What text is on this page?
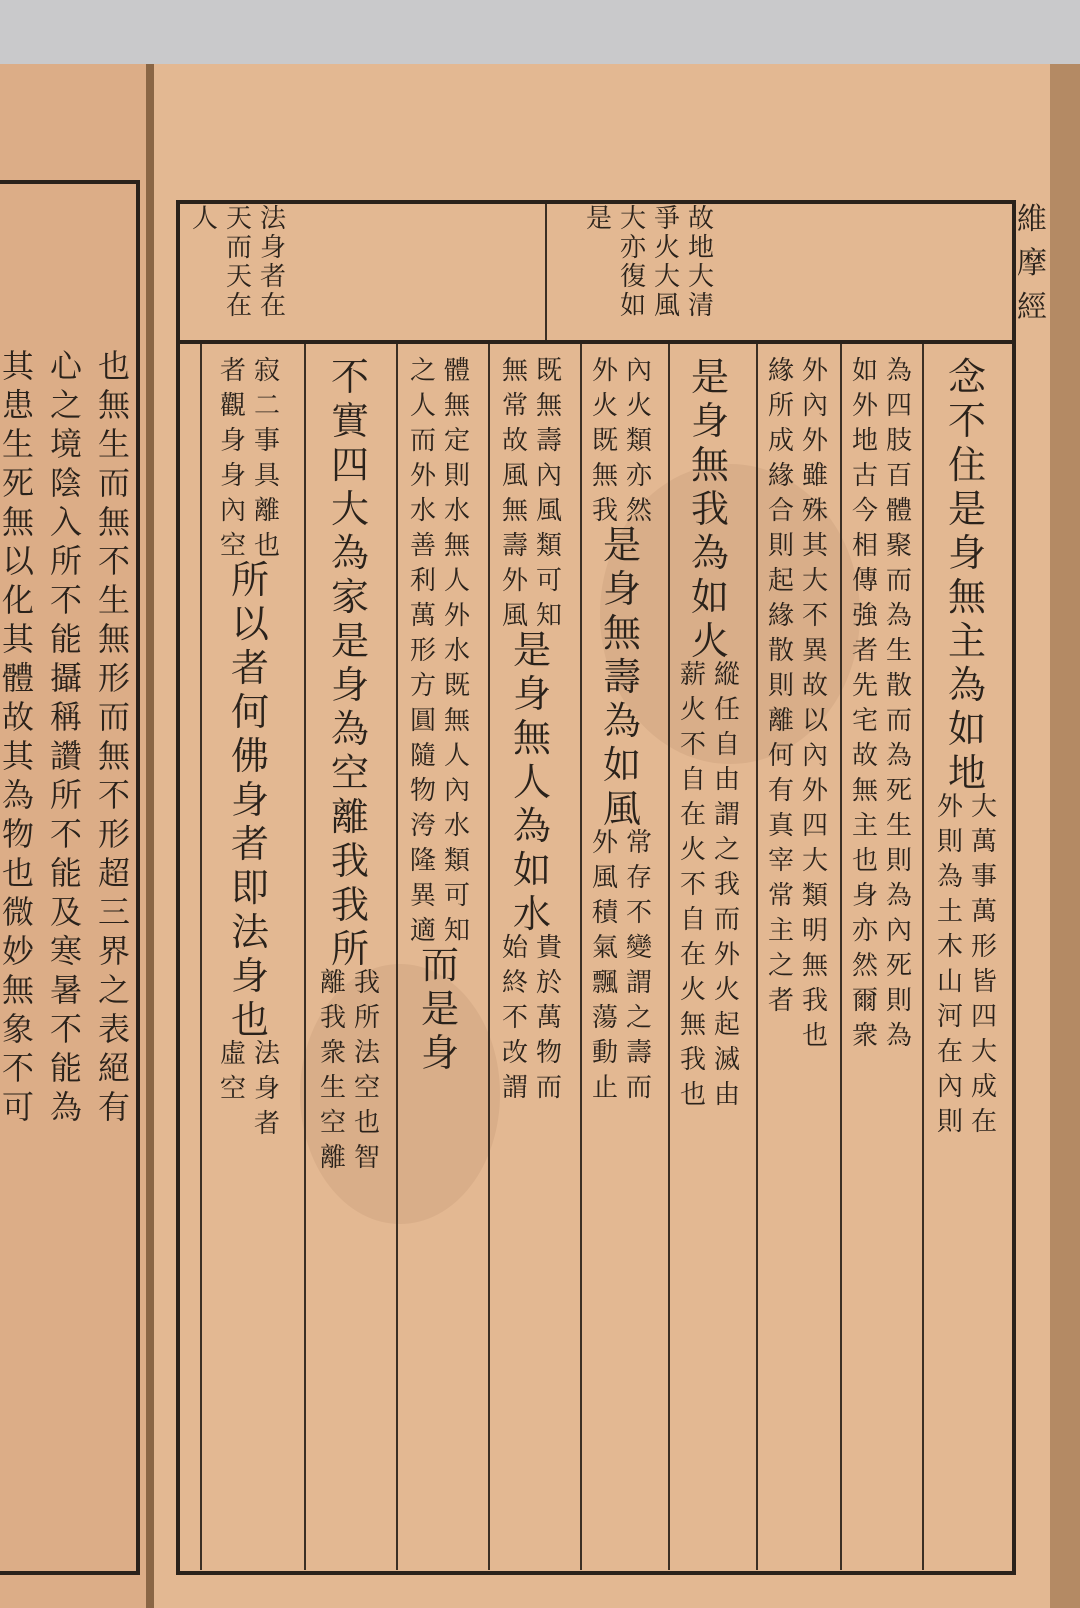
維
摩
經
念
不
住
是
身
無
主
為
如
地
大
萬
事
萬
形
皆
四
大
成
在
外
則
為
土
木
山
河
在
內
則
為
四
肢
百
體
聚
而
為
生
散
而
為
死
生
則
為
內
死
則
為
如
外
地
古
今
相
傳
強
者
先
宅
故
無
主
也
身
亦
然
爾
衆
外
內
外
雖
殊
其
大
不
異
故
以
內
外
四
大
類
明
無
我
也
緣
所
成
緣
合
則
起
緣
散
則
離
何
有
真
宰
常
主
之
者
是
身
無
我
為
如
火
縱
任
自
由
謂
之
我
而
外
火
起
滅
由
薪
火
不
自
在
火
不
自
在
火
無
我
也
內
火
類
亦
然
外
火
既
無
我
是
身
無
壽
為
如
風
常
存
不
變
謂
之
壽
而
外
風
積
氣
飄
蕩
動
止
既
無
壽
內
風
類
可
知
無
常
故
風
無
壽
外
風
是
身
無
人
為
如
水
貴
於
萬
物
而
始
終
不
改
謂
體
無
定
則
水
無
人
外
水
既
無
人
內
水
類
可
知
之
人
而
外
水
善
利
萬
形
方
圓
隨
物
洿
隆
異
適
而
是
身
不
實
四
大
為
家
是
身
為
空
離
我
我
所
我
所
法
空
也
智
離
我
衆
生
空
離
寂
二
事
具
離
也
者
觀
身
身
內
空
所
以
者
何
佛
身
者
即
法
身
也
法
身
者
虛
空
故
地
大
清
爭
火
大
風
大
亦
復
如
是
法
身
者
在
天
而
天
在
人
也
無
生
而
無
不
生
無
形
而
無
不
形
超
三
界
之
表
絕
有
心
之
境
陰
入
所
不
能
攝
稱
讚
所
不
能
及
寒
暑
不
能
為
其
患
生
死
無
以
化
其
體
故
其
為
物
也
微
妙
無
象
不
可
